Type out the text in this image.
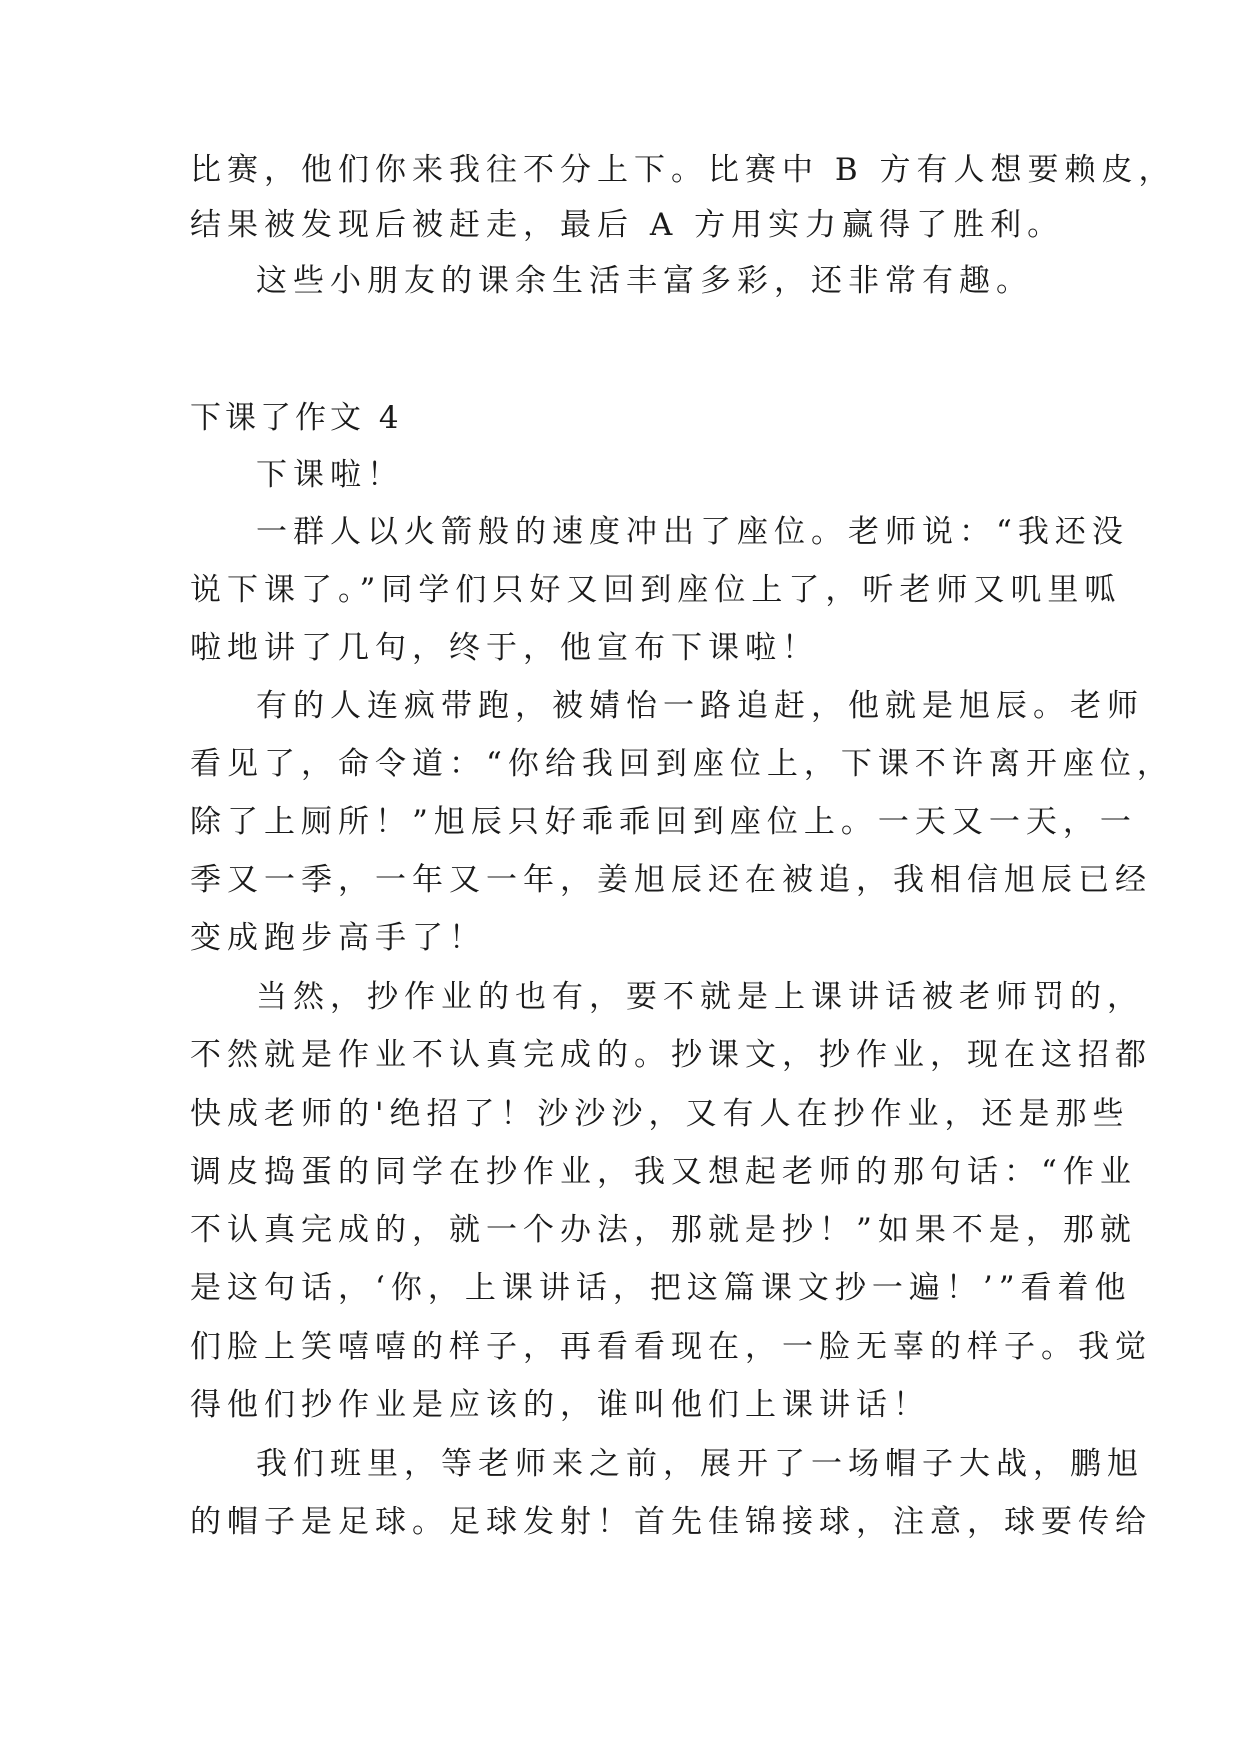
比赛，他们你来我往不分上下。比赛中 B 方有人想要赖皮，
结果被发现后被赶走，最后 A 方用实力赢得了胜利。
这些小朋友的课余生活丰富多彩，还非常有趣。
下课了作文 4
下课啦！
一群人以火箭般的速度冲出了座位。老师说：“我还没
说下课了。”同学们只好又回到座位上了，听老师又叽里呱
啦地讲了几句，终于，他宣布下课啦！
有的人连疯带跑，被婧怡一路追赶，他就是旭辰。老师
看见了，命令道：“你给我回到座位上，下课不许离开座位，
除了上厕所！”旭辰只好乖乖回到座位上。一天又一天，一
季又一季，一年又一年，姜旭辰还在被追，我相信旭辰已经
变成跑步高手了！
当然，抄作业的也有，要不就是上课讲话被老师罚的，
不然就是作业不认真完成的。抄课文，抄作业，现在这招都
快成老师的'绝招了！沙沙沙，又有人在抄作业，还是那些
调皮捣蛋的同学在抄作业，我又想起老师的那句话：“作业
不认真完成的，就一个办法，那就是抄！”如果不是，那就
是这句话，‘你，上课讲话，把这篇课文抄一遍！’”看着他
们脸上笑嘻嘻的样子，再看看现在，一脸无辜的样子。我觉
得他们抄作业是应该的，谁叫他们上课讲话！
我们班里，等老师来之前，展开了一场帽子大战，鹏旭
的帽子是足球。足球发射！首先佳锦接球，注意，球要传给
